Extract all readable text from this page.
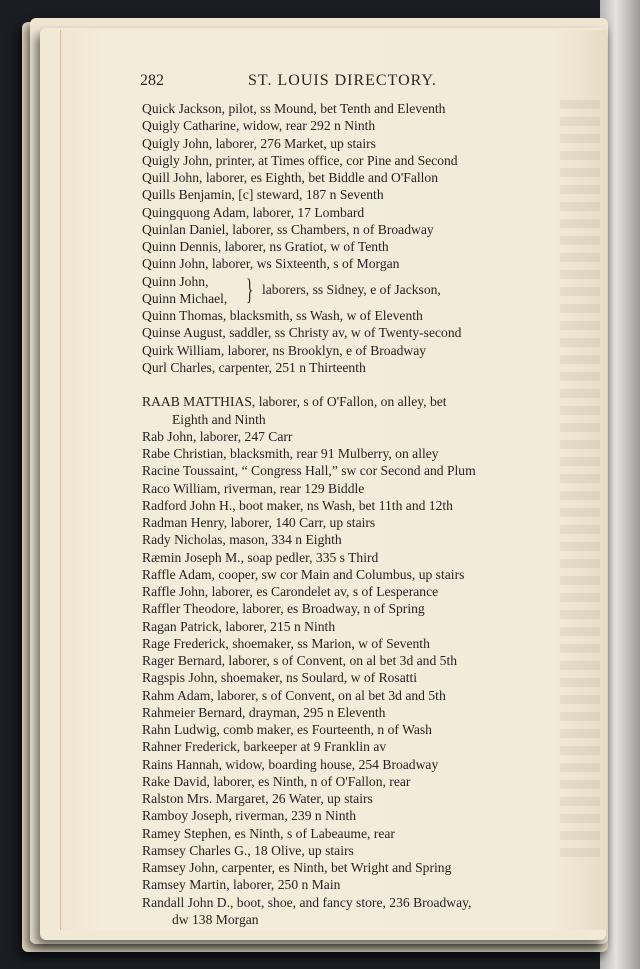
282	ST. LOUIS DIRECTORY.
Quick Jackson, pilot, ss Mound, bet Tenth and Eleventh
Quigly Catharine, widow, rear 292 n Ninth
Quigly John, laborer, 276 Market, up stairs
Quigly John, printer, at Times office, cor Pine and Second
Quill John, laborer, es Eighth, bet Biddle and O'Fallon
Quills Benjamin, [c] steward, 187 n Seventh
Quingquong Adam, laborer, 17 Lombard
Quinlan Daniel, laborer, ss Chambers, n of Broadway
Quinn Dennis, laborer, ns Gratiot, w of Tenth
Quinn John, laborer, ws Sixteenth, s of Morgan
Quinn John,
Quinn Michael, } laborers, ss Sidney, e of Jackson,
Quinn Thomas, blacksmith, ss Wash, w of Eleventh
Quinse August, saddler, ss Christy av, w of Twenty-second
Quirk William, laborer, ns Brooklyn, e of Broadway
Qurl Charles, carpenter, 251 n Thirteenth
RAAB MATTHIAS, laborer, s of O'Fallon, on alley, bet
Eighth and Ninth
Rab John, laborer, 247 Carr
Rabe Christian, blacksmith, rear 91 Mulberry, on alley
Racine Toussaint, “ Congress Hall,” sw cor Second and Plum
Raco William, riverman, rear 129 Biddle
Radford John H., boot maker, ns Wash, bet 11th and 12th
Radman Henry, laborer, 140 Carr, up stairs
Rady Nicholas, mason, 334 n Eighth
Ræmin Joseph M., soap pedler, 335 s Third
Raffle Adam, cooper, sw cor Main and Columbus, up stairs
Raffle John, laborer, es Carondelet av, s of Lesperance
Raffler Theodore, laborer, es Broadway, n of Spring
Ragan Patrick, laborer, 215 n Ninth
Rage Frederick, shoemaker, ss Marion, w of Seventh
Rager Bernard, laborer, s of Convent, on al bet 3d and 5th
Ragspis John, shoemaker, ns Soulard, w of Rosatti
Rahm Adam, laborer, s of Convent, on al bet 3d and 5th
Rahmeier Bernard, drayman, 295 n Eleventh
Rahn Ludwig, comb maker, es Fourteenth, n of Wash
Rahner Frederick, barkeeper at 9 Franklin av
Rains Hannah, widow, boarding house, 254 Broadway
Rake David, laborer, es Ninth, n of O'Fallon, rear
Ralston Mrs. Margaret, 26 Water, up stairs
Ramboy Joseph, riverman, 239 n Ninth
Ramey Stephen, es Ninth, s of Labeaume, rear
Ramsey Charles G., 18 Olive, up stairs
Ramsey John, carpenter, es Ninth, bet Wright and Spring
Ramsey Martin, laborer, 250 n Main
Randall John D., boot, shoe, and fancy store, 236 Broadway,
dw 138 Morgan
